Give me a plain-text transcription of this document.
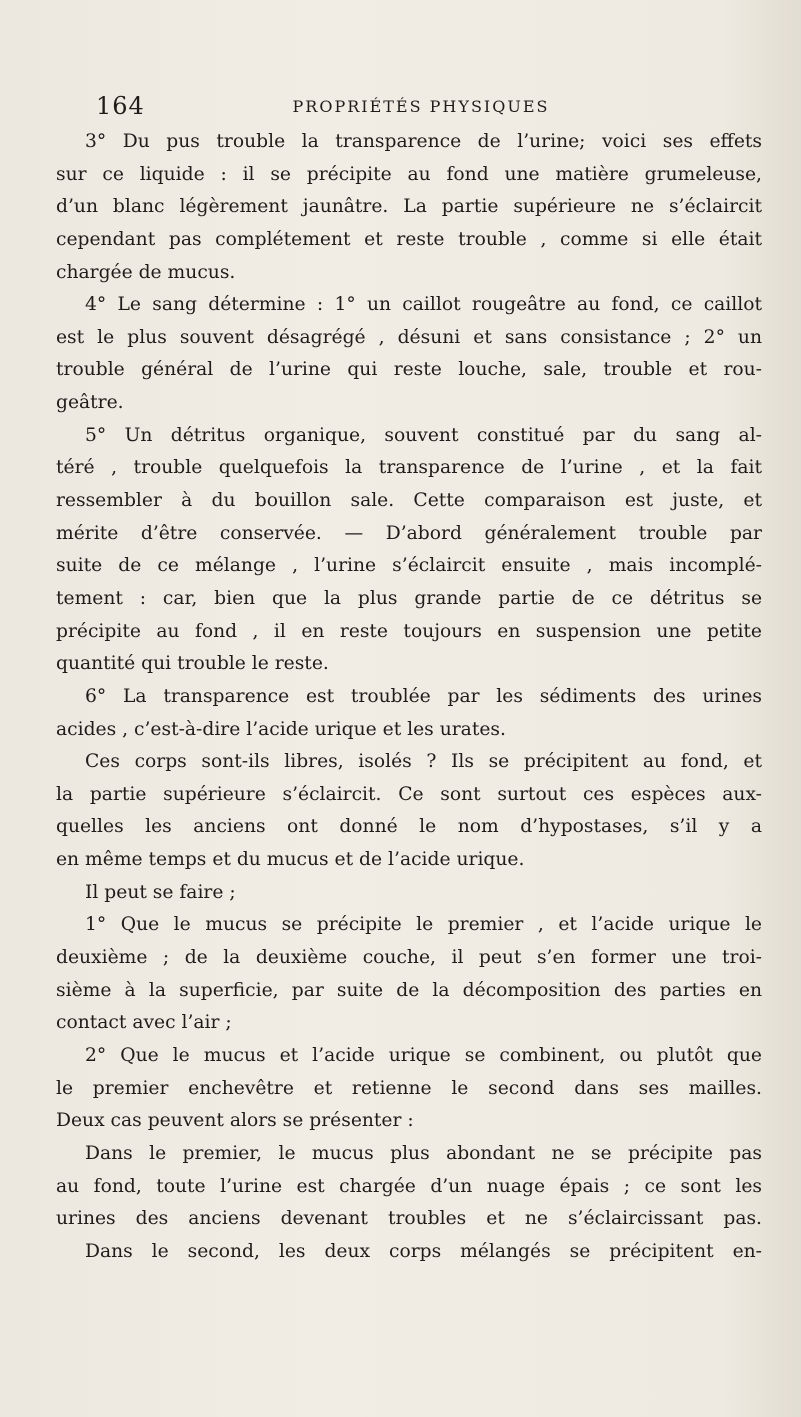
164	PROPRIÉTÉS PHYSIQUES
3° Du pus trouble la transparence de l’urine; voici ses effets
sur ce liquide : il se précipite au fond une matière grumeleuse,
d’un blanc légèrement jaunâtre. La partie supérieure ne s’éclaircit
cependant pas complétement et reste trouble , comme si elle était
chargée de mucus.
4° Le sang détermine : 1° un caillot rougeâtre au fond, ce caillot
est le plus souvent désagrégé , désuni et sans consistance ; 2° un
trouble général de l’urine qui reste louche, sale, trouble et rou-
geâtre.
5° Un détritus organique, souvent constitué par du sang al-
téré , trouble quelquefois la transparence de l’urine , et la fait
ressembler à du bouillon sale. Cette comparaison est juste, et
mérite d’être conservée. — D’abord généralement trouble par
suite de ce mélange , l’urine s’éclaircit ensuite , mais incomplé-
tement : car, bien que la plus grande partie de ce détritus se
précipite au fond , il en reste toujours en suspension une petite
quantité qui trouble le reste.
6° La transparence est troublée par les sédiments des urines
acides , c’est-à-dire l’acide urique et les urates.
Ces corps sont-ils libres, isolés ? Ils se précipitent au fond, et
la partie supérieure s’éclaircit. Ce sont surtout ces espèces aux-
quelles les anciens ont donné le nom d’hypostases, s’il y a
en même temps et du mucus et de l’acide urique.
Il peut se faire ;
1° Que le mucus se précipite le premier , et l’acide urique le
deuxième ; de la deuxième couche, il peut s’en former une troi-
sième à la superficie, par suite de la décomposition des parties en
contact avec l’air ;
2° Que le mucus et l’acide urique se combinent, ou plutôt que
le premier enchevêtre et retienne le second dans ses mailles.
Deux cas peuvent alors se présenter :
Dans le premier, le mucus plus abondant ne se précipite pas
au fond, toute l’urine est chargée d’un nuage épais ; ce sont les
urines des anciens devenant troubles et ne s’éclaircissant pas.
Dans le second, les deux corps mélangés se précipitent en-
